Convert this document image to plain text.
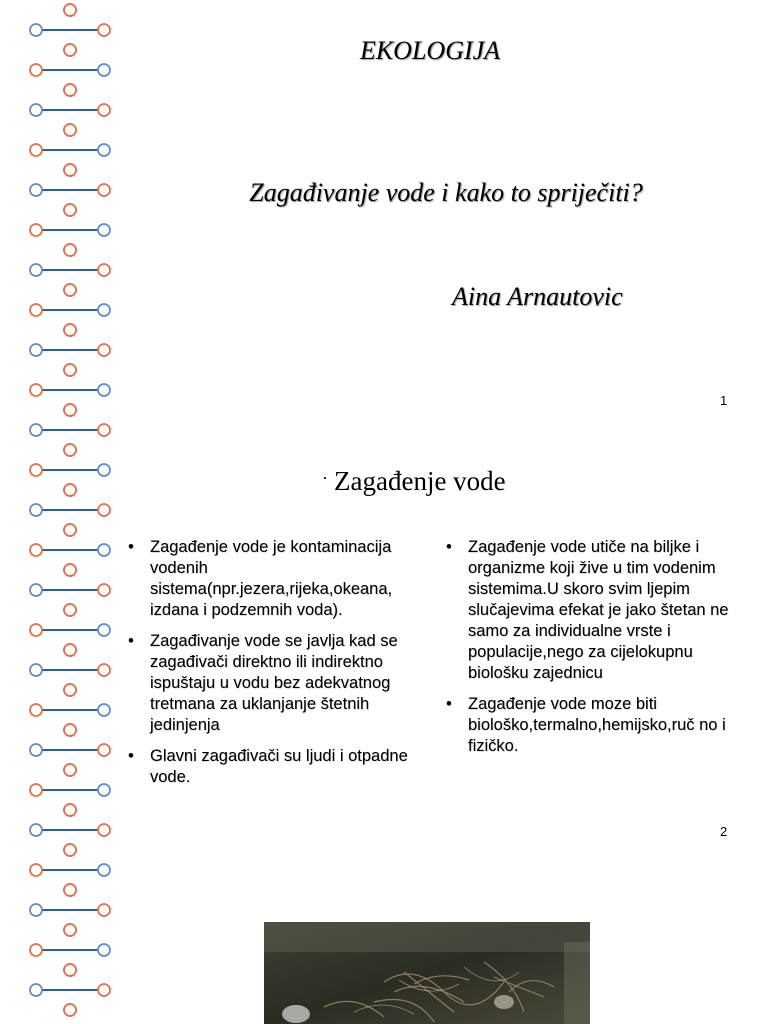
EKOLOGIJA
Zagađivanje vode i kako to spriječiti?
Aina Arnautovic
1
· Zagađenje vode
• Zagađenje vode je kontaminacija vodenih sistema(npr.jezera,rijeka,okeana, izdana i podzemnih voda).
• Zagađivanje vode se javlja kad se zagađivači direktno ili indirektno ispuštaju u vodu bez adekvatnog tretmana za uklanjanje štetnih jedinjenja
• Glavni zagađivači su ljudi i otpadne vode.
• Zagađenje vode utiče na biljke i organizme koji žive u tim vodenim sistemima.U skoro svim ljepim slučajevima efekat je jako štetan ne samo za individualne vrste i populacije,nego za cijelokupnu biološku zajednicu
• Zagađenje vode moze biti biološko,termalno,hemijsko,ruč no i fizičko.
2
